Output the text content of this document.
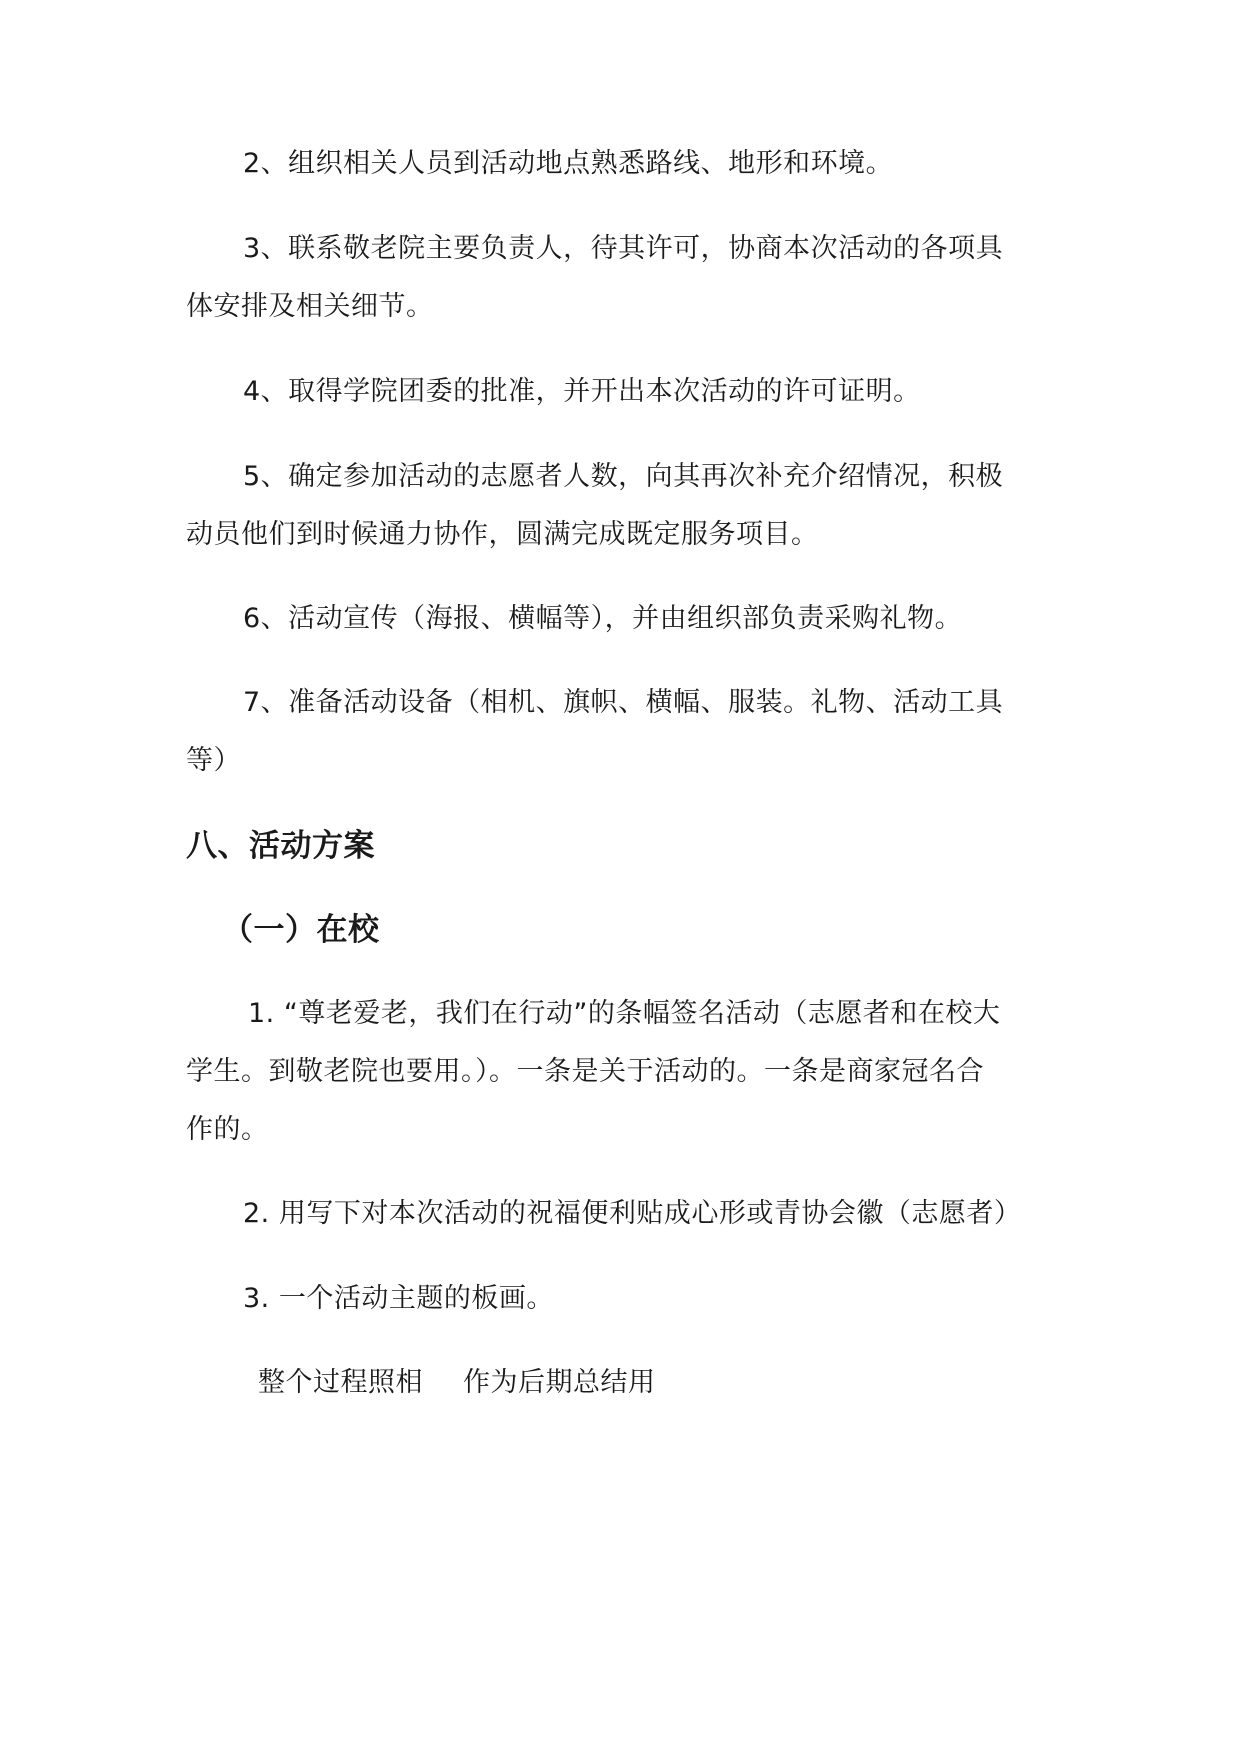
2、组织相关人员到活动地点熟悉路线、地形和环境。

3、联系敬老院主要负责人，待其许可，协商本次活动的各项具

体安排及相关细节。

4、取得学院团委的批准，并开出本次活动的许可证明。

5、确定参加活动的志愿者人数，向其再次补充介绍情况，积极

动员他们到时候通力协作，圆满完成既定服务项目。

6、活动宣传（海报、横幅等），并由组织部负责采购礼物。

7、准备活动设备（相机、旗帜、横幅、服装。礼物、活动工具

等）

八、活动方案
（一）在校

1. “尊老爱老，我们在行动”的条幅签名活动（志愿者和在校大

学生。到敬老院也要用。）。一条是关于活动的。一条是商家冠名合

作的。

2. 用写下对本次活动的祝福便利贴成心形或青协会徽（志愿者）

3. 一个活动主题的板画。

整个过程照相 作为后期总结用
